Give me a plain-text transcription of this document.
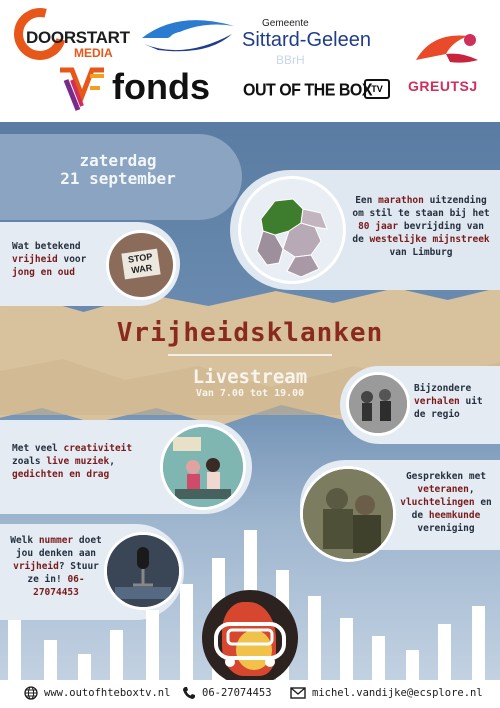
DOORSTART
MEDIA
fonds
Gemeente
Sittard-Geleen
BBrH
OUT OF THE BOX TV	GREUTSJ
zaterdag
21 september
STOP WAR
Een marathon uitzending om stil te staan bij het 80 jaar bevrijding van de westelijke mijnstreek van Limburg
Wat betekend vrijheid voor jong en oud
Bijzondere verhalen uit de regio
Met veel creativiteit zoals live muziek, gedichten en drag	Gesprekken met veteranen, vluchtelingen en de heemkunde vereniging
Welk nummer doet jou denken aan vrijheid? Stuur ze in! 06-27074453
Vrijheidsklanken
Livestream
Van 7.00 tot 19.00
www.outofhteboxtv.nl	06-27074453	michel.vandijke@ecsplore.nl
